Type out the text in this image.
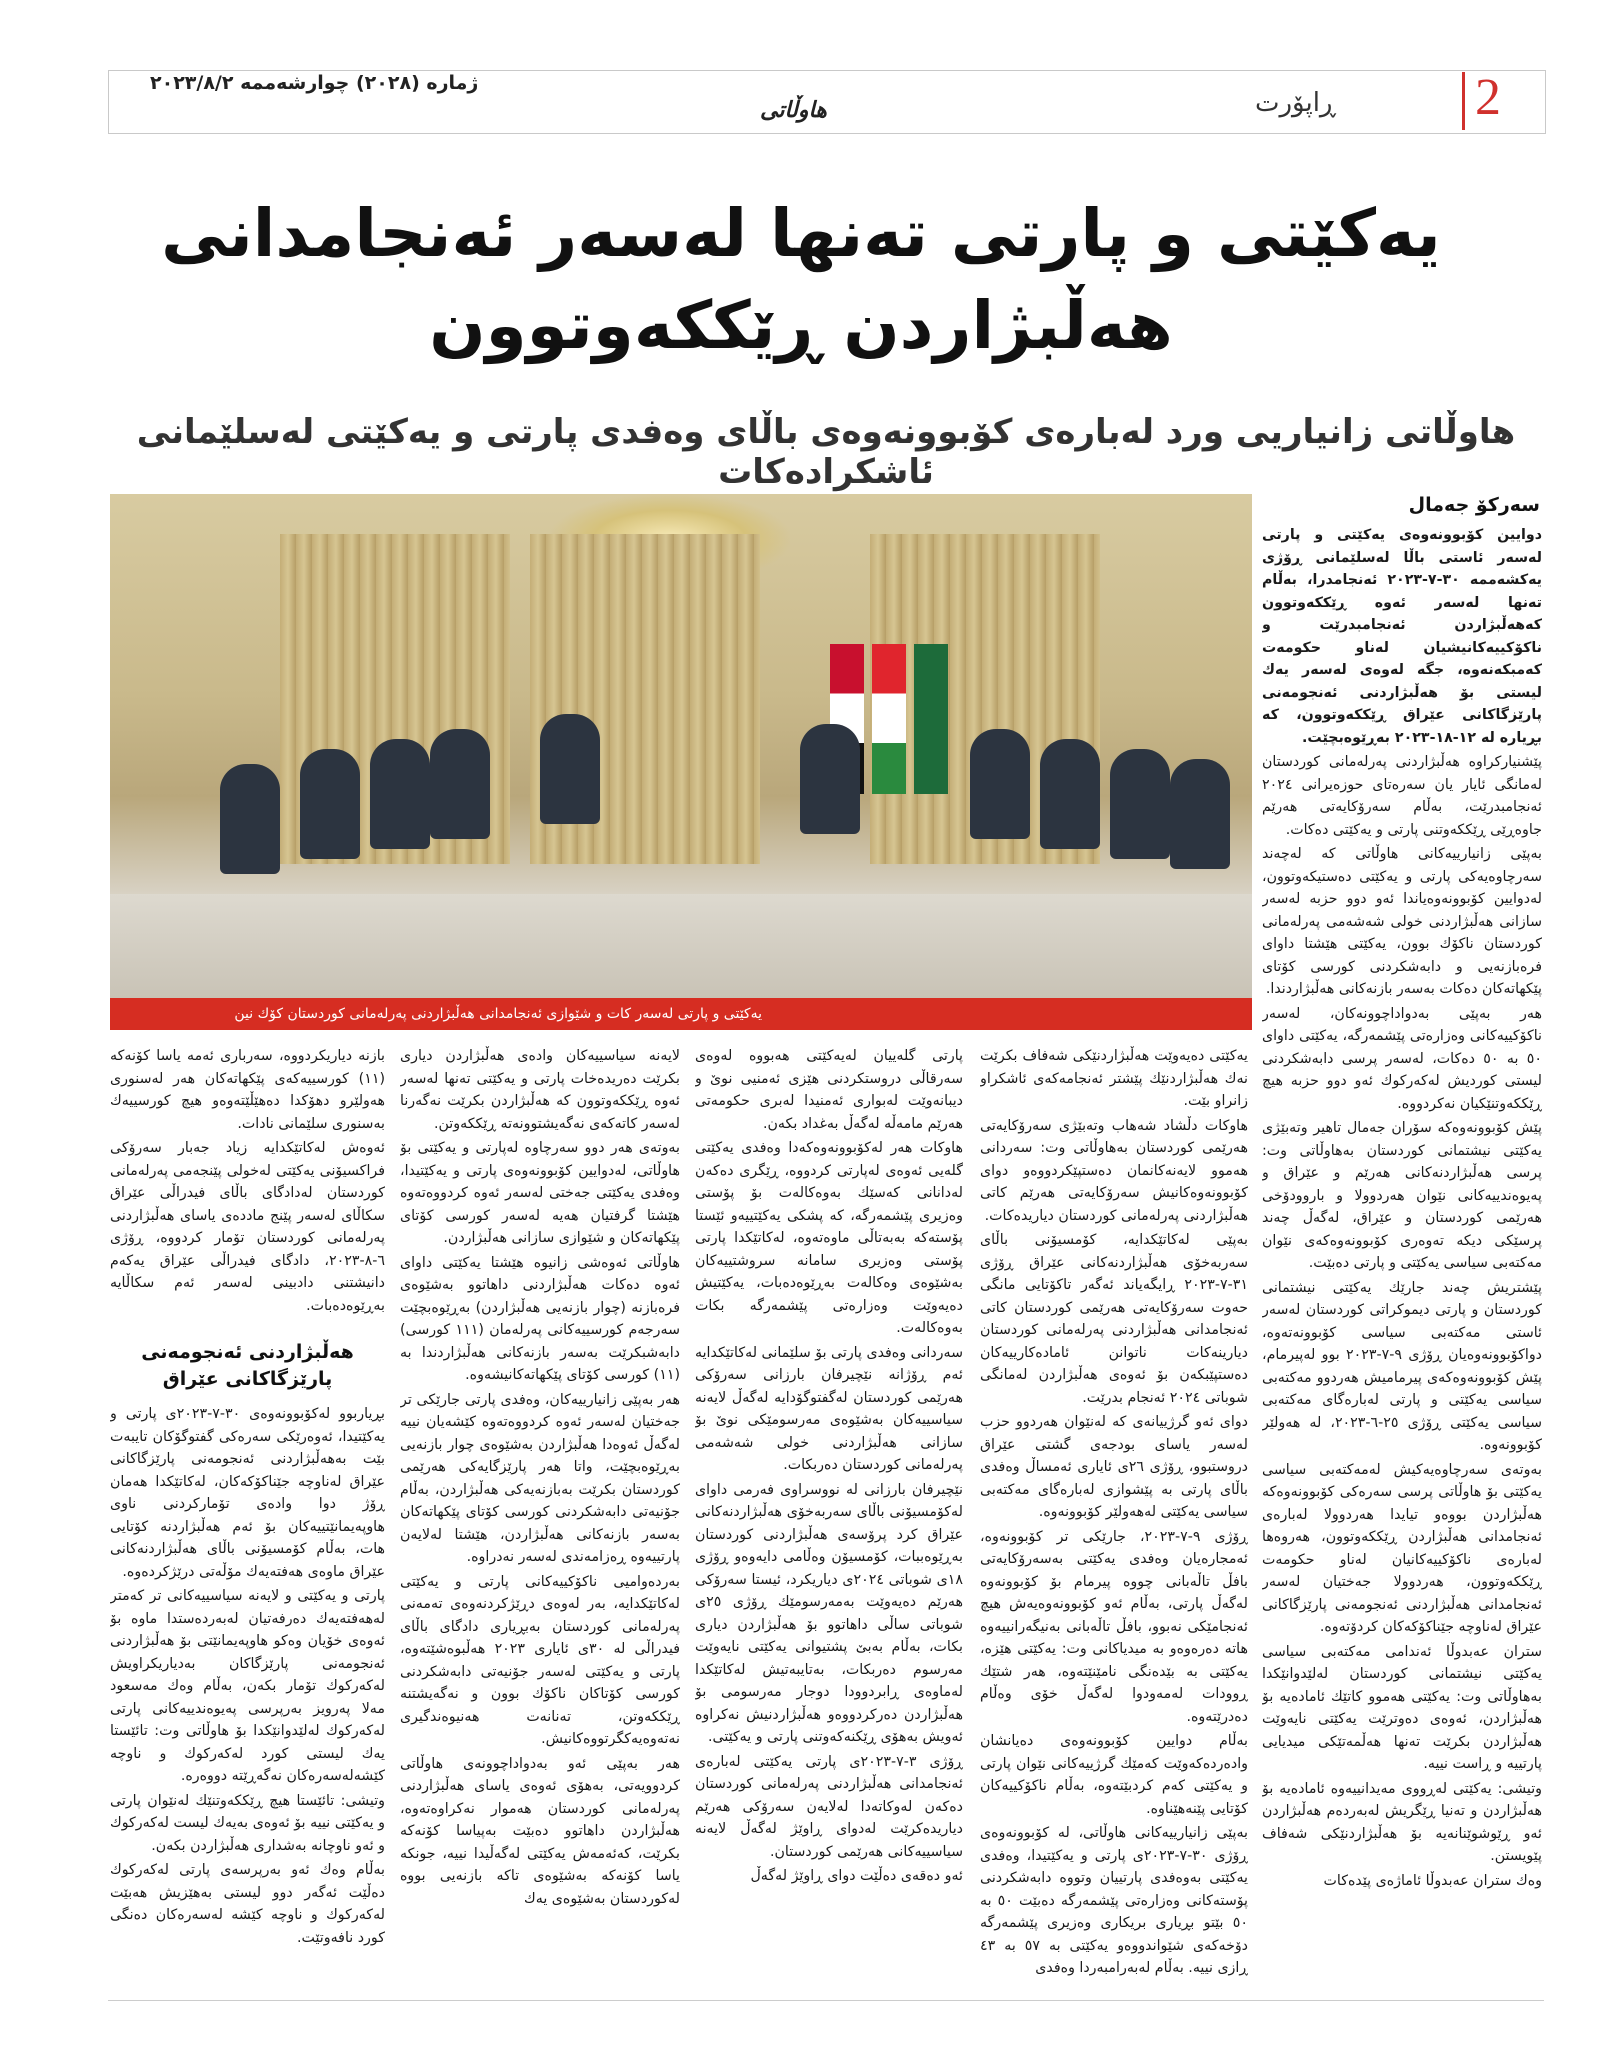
ژمارە (٢٠٢٨) چوارشەممە ٢٠٢٣/٨/٢
هاوڵاتی	ڕاپۆرت	2
یەكێتی و پارتی تەنها لەسەر ئەنجامدانی هەڵبژاردن ڕێككەوتوون
هاوڵاتی زانیاریی ورد لەبارەی كۆبوونەوەی باڵای وەفدی پارتی و یەكێتی لەسلێمانی ئاشكرادەكات
یەكێتی و پارتی لەسەر كات و شێوازی ئەنجامدانی هەڵبژاردنی پەرلەمانی كوردستان كۆك نین
سەركۆ جەمال

دوایین كۆبوونەوەی یەكێتی و پارتی لەسەر ئاستی باڵا لەسلێمانی ڕۆژی یەكشەممە ٣٠-٧-٢٠٢٣ ئەنجامدرا، بەڵام تەنها لەسەر ئەوە ڕێككەوتوون كەهەڵبژاردن ئەنجامبدرێت و ناكۆكییەكانیشیان لەناو حكومەت كەمبكەنەوە، جگە لەوەی لەسەر یەك لیستی بۆ هەڵبژاردنی ئەنجومەنی پارێزگاكانی عێراق ڕێككەوتوون، كە بڕیارە لە ١٢-١٨-٢٠٢٣ بەڕێوەبچێت.

پێشنیاركراوە هەڵبژاردنی پەرلەمانی كوردستان لەمانگی ئایار یان سەرەتای حوزەیرانی ٢٠٢٤ ئەنجامبدرێت، بەڵام سەرۆكایەتی هەرێم جاوەڕێی ڕێككەوتنی پارتی و یەكێتی دەكات.

بەپێی زانیارییەكانی هاوڵاتی كە لەچەند سەرچاوەیەكی پارتی و یەكێتی دەستیكەوتوون، لەدوایین كۆبوونەوەیاندا ئەو دوو حزبە لەسەر سازانی هەڵبژاردنی خولی شەشەمی پەرلەمانی كوردستان ناكۆك بوون، یەكێتی هێشتا داوای فرەبازنەیی و دابەشكردنی كورسی كۆتای پێكهاتەكان دەكات بەسەر بازنەكانی هەڵبژاردندا.

هەر بەپێی بەدواداچوونەكان، لەسەر ناكۆكییەكانی وەزارەتی پێشمەرگە، یەكێتی داوای ٥٠ بە ٥٠ دەكات، لەسەر پرسی دابەشكردنی لیستی كوردیش لەكەركوك ئەو دوو حزبە هیچ ڕێككەوتنێكیان نەكردووە.

پێش كۆبوونەوەكە سۆران جەمال تاهیر وتەبێژی یەكێتی نیشتمانی كوردستان بەهاوڵاتی وت: پرسی هەڵبژاردنەكانی هەرێم و عێراق و پەیوەندییەكانی نێوان هەردوولا و باروودۆخی هەرێمی كوردستان و عێراق، لەگەڵ چەند پرسێكی دیكە تەوەری كۆبوونەوەكەی نێوان مەكتەبی سیاسی یەكێتی و پارتی دەبێت.

پێشتریش چەند جارێك یەكێتی نیشتمانی كوردستان و پارتی دیموكراتی كوردستان لەسەر ئاستی مەكتەبی سیاسی كۆبوونەتەوە، دواكۆبوونەوەیان ڕۆژی ٩-٧-٢٠٢٣ بوو لەپیرمام، پێش كۆبوونەوەكەی پیرمامیش هەردوو مەكتەبی سیاسی یەكێتی و پارتی لەبارەگای مەكتەبی سیاسی یەكێتی ڕۆژی ٢٥-٦-٢٠٢٣، لە هەولێر كۆبوونەوە.

بەوتەی سەرچاوەیەكیش لەمەكتەبی سیاسی یەكێتی بۆ هاوڵاتی پرسی سەرەكی كۆبوونەوەكە هەڵبژاردن بووەو تیایدا هەردوولا لەبارەی ئەنجامدانی هەڵبژاردن ڕێككەوتوون، هەروەها لەبارەی ناكۆكییەكانیان لەناو حكومەت ڕێككەوتوون، هەردوولا جەختیان لەسەر ئەنجامدانی هەڵبژاردنی ئەنجومەنی پارێزگاكانی عێراق لەناوچە جێناكۆكەكان كردۆتەوە.

ستران عەبدوڵا ئەندامی مەكتەبی سیاسی یەكێتی نیشتمانی كوردستان لەلێدوانێكدا بەهاوڵاتی وت: یەكێتی هەموو كاتێك ئامادەیە بۆ هەڵبژاردن، ئەوەی دەوترێت یەكێتی نایەوێت هەڵبژاردن بكرێت تەنها هەڵمەتێكی میدیایی پارتییە و ڕاست نییە.

وتیشی: یەكێتی لەڕووی مەیدانییەوە ئامادەیە بۆ هەڵبژاردن و تەنیا ڕێگریش لەبەردەم هەڵبژاردن ئەو ڕێوشوێنانەیە بۆ هەڵبژاردنێكی شەفاف پێویستن.

وەك ستران عەبدوڵا ئاماژەی پێدەكات

یەكێتی دەیەوێت هەڵبژاردنێكی شەفاف بكرێت نەك هەڵبژاردنێك پێشتر ئەنجامەكەی ئاشكراو زانراو بێت.

هاوكات دڵشاد شەهاب وتەبێژی سەرۆكایەتی هەرێمی كوردستان بەهاوڵاتی وت: سەردانی هەموو لایەنەكانمان دەستپێكردووەو دوای كۆبوونەوەكانیش سەرۆكایەتی هەرێم كاتی هەڵبژاردنی پەرلەمانی كوردستان دیاریدەكات.

بەپێی لەكاتێكدایە، كۆمسیۆنی باڵای سەربەخۆی هەڵبژاردنەكانی عێراق ڕۆژی ٣١-٧-٢٠٢٣ ڕایگەیاند ئەگەر تاكۆتایی مانگی حەوت سەرۆكایەتی هەرێمی كوردستان كاتی ئەنجامدانی هەڵبژاردنی پەرلەمانی كوردستان دیارینەكات ناتوانن ئامادەكارییەكان دەستپێبكەن بۆ ئەوەی هەڵبژاردن لەمانگی شوباتی ٢٠٢٤ ئەنجام بدرێت.

دوای ئەو گرژییانەی كە لەنێوان هەردوو حزب لەسەر یاسای بودجەی گشتی عێراق دروستبوو، ڕۆژی ٢٦ی ئایاری ئەمساڵ وەفدی باڵای پارتی بە پێشوازی لەبارەگای مەكتەبی سیاسی یەكێتی لەهەولێر كۆبوونەوە.

ڕۆژی ٩-٧-٢٠٢٣، جارێكی تر كۆبوونەوە، ئەمجارەیان وەفدی یەكێتی بەسەرۆكایەتی بافڵ تاڵەبانی چووە پیرمام بۆ كۆبوونەوە لەگەڵ پارتی، بەڵام ئەو كۆبوونەوەیەش هیچ ئەنجامێكی نەبوو، بافڵ تاڵەبانی بەنیگەرانییەوە هاتە دەرەوەو بە میدیاكانی وت: یەكێتی هێزە، یەكێتی بە بێدەنگی نامێنێتەوە، هەر شتێك ڕوودات لەمەودوا لەگەڵ خۆی وەڵام دەدرێتەوە.

بەڵام دوایین كۆبوونەوەی دەیانشان وادەردەكەوێت كەمێك گرژییەكانی نێوان پارتی و یەكێتی كەم كردبێتەوە، بەڵام ناكۆكییەكان كۆتایی پێنەهێناوە.

بەپێی زانیارییەكانی هاوڵاتی، لە كۆبوونەوەی ڕۆژی ٣٠-٧-٢٠٢٣ی پارتی و یەكێتیدا، وەفدی یەكێتی بەوەفدی پارتییان وتووە دابەشكردنی پۆستەكانی وەزارەتی پێشمەرگە دەبێت ٥٠ بە ٥٠ بێتو بڕیاری بریكاری وەزیری پێشمەرگە دۆخەكەی شێواندووەو یەكێتی بە ٥٧ بە ٤٣ ڕازی نییە. بەڵام لەبەرامبەردا وەفدی

پارتی گلەییان لەیەكێتی هەبووە لەوەی سەرقاڵی دروستكردنی هێزی ئەمنیی نوێ و دیبانەوێت لەبواری ئەمنیدا لەبری حكومەتی هەرێم مامەڵە لەگەڵ بەغداد بكەن.

هاوكات هەر لەكۆبوونەوەكەدا وەفدی یەكێتی گلەیی ئەوەی لەپارتی كردووە، ڕێگری دەكەن لەدانانی كەسێك بەوەكالەت بۆ پۆستی وەزیری پێشمەرگە، كە پشكی یەكێتییەو ئێستا پۆستەكە بەبەتاڵی ماوەتەوە، لەكاتێكدا پارتی پۆستی وەزیری سامانە سروشتییەكان بەشێوەی وەكالەت بەڕێوەدەبات، یەكێتیش دەیەوێت وەزارەتی پێشمەرگە بكات بەوەكالەت.

سەردانی وەفدی پارتی بۆ سلێمانی لەكاتێكدایە ئەم ڕۆژانە نێچیرفان بارزانی سەرۆكی هەرێمی كوردستان لەگفتوگۆدایە لەگەڵ لایەنە سیاسییەكان بەشێوەی مەرسومێكی نوێ بۆ سازانی هەڵبژاردنی خولی شەشەمی پەرلەمانی كوردستان دەربكات.

نێچیرفان بارزانی لە نووسراوی فەرمی داوای لەكۆمسیۆنی باڵای سەربەخۆی هەڵبژاردنەكانی عێراق كرد پرۆسەی هەڵبژاردنی كوردستان بەڕێوەببات، كۆمسیۆن وەڵامی دایەوەو ڕۆژی ١٨ی شوباتی ٢٠٢٤ی دیاریكرد، ئیستا سەرۆكی هەرێم دەیەوێت بەمەرسومێك ڕۆژی ٢٥ی شوباتی ساڵی داهاتوو بۆ هەڵبژاردن دیاری بكات، بەڵام بەبێ پشتیوانی یەكێتی نایەوێت مەرسوم دەربكات، بەتایبەتیش لەكاتێكدا لەماوەی ڕابردوودا دوجار مەرسومی بۆ هەڵبژاردن دەركردووەو هەڵبژاردنیش نەكراوە ئەویش بەهۆی ڕێكنەكەوتنی پارتی و یەكێتی.

ڕۆژی ٣-٧-٢٠٢٣ی پارتی یەكێتی لەبارەی ئەنجامدانی هەڵبژاردنی پەرلەمانی كوردستان دەكەن لەوكاتەدا لەلایەن سەرۆكی هەرێم دیاریدەكرێت لەدوای ڕاوێژ لەگەڵ لایەنە سیاسییەكانی هەرێمی كوردستان.

ئەو دەقەی دەڵێت دوای ڕاوێژ لەگەڵ

لایەنە سیاسییەكان وادەی هەڵبژاردن دیاری بكرێت دەریدەخات پارتی و یەكێتی تەنها لەسەر ئەوە ڕێككەوتوون كە هەڵبژاردن بكرێت نەگەرنا لەسەر كاتەكەی نەگەیشتوونەتە ڕێككەوتن.

بەوتەی هەر دوو سەرچاوە لەپارتی و یەكێتی بۆ هاوڵاتی، لەدوایین كۆبوونەوەی پارتی و یەكێتیدا، وەفدی یەكێتی جەختی لەسەر ئەوە كردووەتەوە هێشتا گرفتیان هەیە لەسەر كورسی كۆتای پێكهاتەكان و شێوازی سازانی هەڵبژاردن.

هاوڵاتی ئەوەشی زانیوە هێشتا یەكێتی داوای ئەوە دەكات هەڵبژاردنی داهاتوو بەشێوەی فرەبازنە (چوار بازنەیی هەڵبژاردن) بەڕێوەبچێت سەرجەم كورسییەكانی پەرلەمان (١١١ كورسی) دابەشبكرێت بەسەر بازنەكانی هەڵبژاردندا بە (١١) كورسی كۆتای پێكهاتەكانیشەوە.

هەر بەپێی زانیارییەكان، وەفدی پارتی جارێكی تر جەختیان لەسەر ئەوە كردووەتەوە كێشەیان نییە لەگەڵ ئەوەدا هەڵبژاردن بەشێوەی چوار بازنەیی بەڕێوەبچێت، واتا هەر پارێزگایەكی هەرێمی كوردستان بكرێت بەبازنەیەكی هەڵبژاردن، بەڵام جۆنیەتی دابەشكردنی كورسی كۆتای پێكهاتەكان بەسەر بازنەكانی هەڵبژاردن، هێشتا لەلایەن پارتییەوە ڕەزامەندی لەسەر نەدراوە.

بەردەوامیی ناكۆكییەكانی پارتی و یەكێتی لەكاتێكدایە، بەر لەوەی دڕێژكردنەوەی تەمەنی پەرلەمانی كوردستان بەبڕیاری دادگای باڵای فیدراڵی لە ٣٠ی ئایاری ٢٠٢٣ هەڵبوەشێتەوە، پارتی و یەكێتی لەسەر جۆنیەتی دابەشكردنی كورسی كۆتاكان ناكۆك بوون و نەگەیشتنە ڕێككەوتن، تەنانەت هەنیوەندگیری نەتەوەیەكگرتووەكانیش.

هەر بەپێی ئەو بەدواداچوونەی هاوڵاتی كردوویەتی، بەهۆی ئەوەی یاسای هەڵبژاردنی پەرلەمانی كوردستان هەموار نەكراوەتەوە، هەڵبژاردن داهاتوو دەبێت بەپیاسا كۆنەكە بكرێت، كەئەمەش یەكێتی لەگەڵیدا نییە، جونكە یاسا كۆنەكە بەشێوەی تاكە بازنەیی بووە لەكوردستان بەشێوەی یەك

بازنە دیاریكردووە، سەرباری ئەمە یاسا كۆنەكە (١١) كورسییەكەی پێكهاتەكان هەر لەسنوری هەولێرو دهۆكدا دەهێڵێتەوەو هیچ كورسییەك بەسنوری سلێمانی نادات.

ئەوەش لەكاتێكدایە زیاد جەبار سەرۆكی فراكسیۆنی یەكێتی لەخولی پێنجەمی پەرلەمانی كوردستان لەدادگای باڵای فیدراڵی عێراق سكاڵای لەسەر پێنج ماددەی یاسای هەڵبژاردنی پەرلەمانی كوردستان تۆمار كردووە، ڕۆژی ٦-٨-٢٠٢٣، دادگای فیدراڵی عێراق یەكەم دانیشتنی دادبینی لەسەر ئەم سكاڵایە بەڕێوەدەبات.

هەڵبژاردنی ئەنجومەنی پارێزگاكانی عێراق

بڕیاربوو لەكۆبوونەوەی ٣٠-٧-٢٠٢٣ی پارتی و یەكێتیدا، ئەوەرێكی سەرەكی گفتوگۆكان تایبەت بێت بەهەڵبژاردنی ئەنجومەنی پارێزگاكانی عێراق لەناوچە جێناكۆكەكان، لەكاتێكدا هەمان ڕۆژ دوا وادەی تۆماركردنی ناوی هاوپەیمانێتییەكان بۆ ئەم هەڵبژاردنە كۆتایی هات، بەڵام كۆمسیۆنی باڵای هەڵبژاردنەكانی عێراق ماوەی هەفتەیەك مۆڵەتی درێژكردەوە.

پارتی و یەكێتی و لایەنە سیاسییەكانی تر كەمتر لەهەفتەیەك دەرفەتیان لەبەردەستدا ماوە بۆ ئەوەی خۆیان وەكو هاوپەیمانێتی بۆ هەڵبژاردنی ئەنجومەنی پارێزگاكان بەدیاریكراویش لەكەركوك تۆمار بكەن، بەڵام وەك مەسعود مەلا پەرویز بەرپرسی پەیوەندییەكانی پارتی لەكەركوك لەلێدوانێكدا بۆ هاوڵاتی وت: تائێستا یەك لیستی كورد لەكەركوك و ناوچە كێشەلەسەرەكان نەگەڕێتە دووەرە.

وتیشی: تائێستا هیچ ڕێككەوتنێك لەنێوان پارتی و یەكێتی نییە بۆ ئەوەی بەیەك لیست لەكەركوك و ئەو ناوچانە بەشداری هەڵبژاردن بكەن.

بەڵام وەك ئەو بەرپرسەی پارتی لەكەركوك دەڵێت ئەگەر دوو لیستی بەهێزیش هەبێت لەكەركوك و ناوچە كێشە لەسەرەكان دەنگی كورد نافەوتێت.
